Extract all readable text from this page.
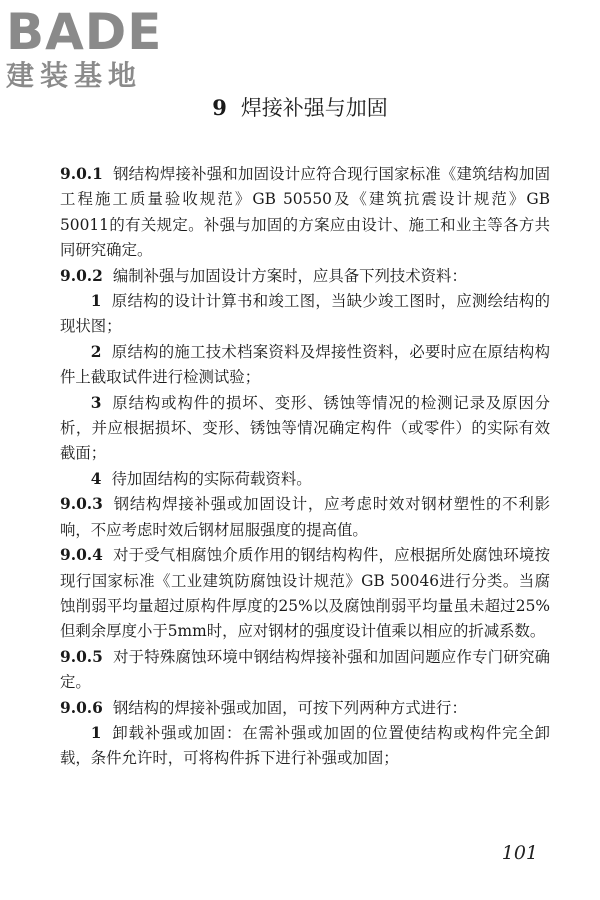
BADE
建装基地
9 焊接补强与加固

9.0.1 钢结构焊接补强和加固设计应符合现行国家标准《建筑结构加固工程施工质量验收规范》GB 50550及《建筑抗震设计规范》GB 50011的有关规定。补强与加固的方案应由设计、施工和业主等各方共同研究确定。

9.0.2 编制补强与加固设计方案时，应具备下列技术资料：

1 原结构的设计计算书和竣工图，当缺少竣工图时，应测绘结构的现状图；

2 原结构的施工技术档案资料及焊接性资料，必要时应在原结构构件上截取试件进行检测试验；

3 原结构或构件的损坏、变形、锈蚀等情况的检测记录及原因分析，并应根据损坏、变形、锈蚀等情况确定构件（或零件）的实际有效截面；

4 待加固结构的实际荷载资料。

9.0.3 钢结构焊接补强或加固设计，应考虑时效对钢材塑性的不利影响，不应考虑时效后钢材屈服强度的提高值。

9.0.4 对于受气相腐蚀介质作用的钢结构构件，应根据所处腐蚀环境按现行国家标准《工业建筑防腐蚀设计规范》GB 50046进行分类。当腐蚀削弱平均量超过原构件厚度的25%以及腐蚀削弱平均量虽未超过25%但剩余厚度小于5mm时，应对钢材的强度设计值乘以相应的折减系数。

9.0.5 对于特殊腐蚀环境中钢结构焊接补强和加固问题应作专门研究确定。

9.0.6 钢结构的焊接补强或加固，可按下列两种方式进行：

1 卸载补强或加固：在需补强或加固的位置使结构或构件完全卸载，条件允许时，可将构件拆下进行补强或加固；

101
